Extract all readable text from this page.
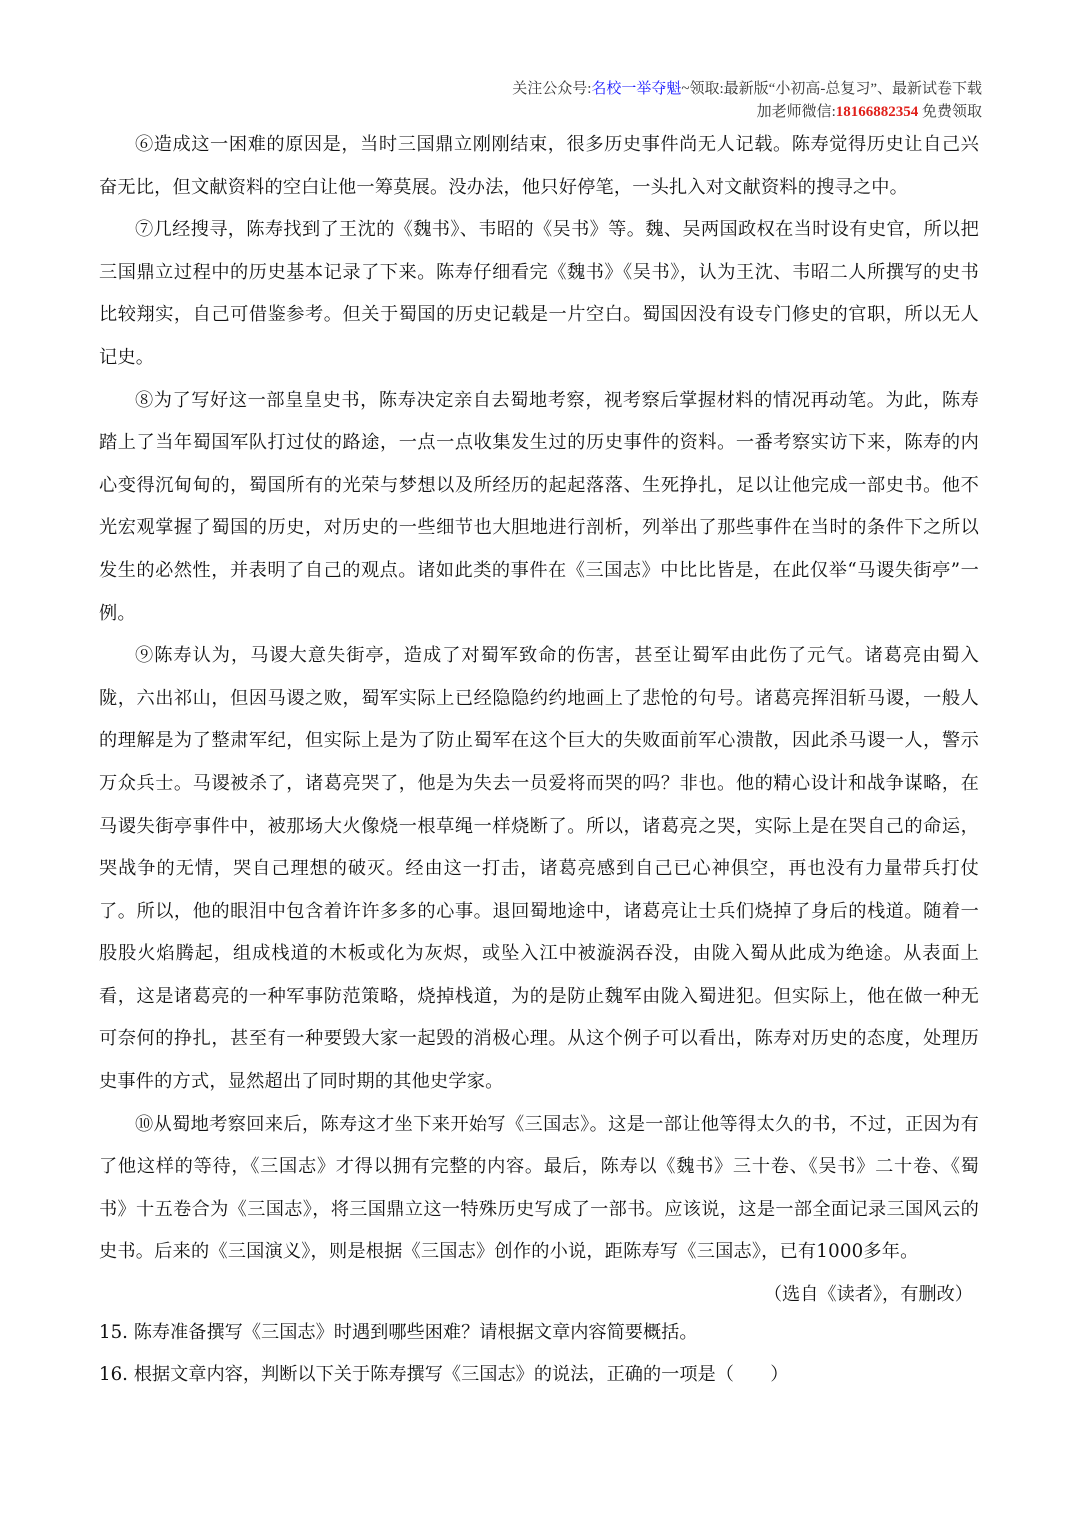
关注公众号:名校一举夺魁~领取:最新版“小初高-总复习”、最新试卷下载
加老师微信:18166882354 免费领取

⑥造成这一困难的原因是，当时三国鼎立刚刚结束，很多历史事件尚无人记载。陈寿觉得历史让自己兴奋无比，但文献资料的空白让他一筹莫展。没办法，他只好停笔，一头扎入对文献资料的搜寻之中。

⑦几经搜寻，陈寿找到了王沈的《魏书》、韦昭的《吴书》等。魏、吴两国政权在当时设有史官，所以把三国鼎立过程中的历史基本记录了下来。陈寿仔细看完《魏书》《吴书》，认为王沈、韦昭二人所撰写的史书比较翔实，自己可借鉴参考。但关于蜀国的历史记载是一片空白。蜀国因没有设专门修史的官职，所以无人记史。

⑧为了写好这一部皇皇史书，陈寿决定亲自去蜀地考察，视考察后掌握材料的情况再动笔。为此，陈寿踏上了当年蜀国军队打过仗的路途，一点一点收集发生过的历史事件的资料。一番考察实访下来，陈寿的内心变得沉甸甸的，蜀国所有的光荣与梦想以及所经历的起起落落、生死挣扎，足以让他完成一部史书。他不光宏观掌握了蜀国的历史，对历史的一些细节也大胆地进行剖析，列举出了那些事件在当时的条件下之所以发生的必然性，并表明了自己的观点。诸如此类的事件在《三国志》中比比皆是，在此仅举“马谡失街亭”一例。

⑨陈寿认为，马谡大意失街亭，造成了对蜀军致命的伤害，甚至让蜀军由此伤了元气。诸葛亮由蜀入陇，六出祁山，但因马谡之败，蜀军实际上已经隐隐约约地画上了悲怆的句号。诸葛亮挥泪斩马谡，一般人的理解是为了整肃军纪，但实际上是为了防止蜀军在这个巨大的失败面前军心溃散，因此杀马谡一人，警示万众兵士。马谡被杀了，诸葛亮哭了，他是为失去一员爱将而哭的吗？非也。他的精心设计和战争谋略，在马谡失街亭事件中，被那场大火像烧一根草绳一样烧断了。所以，诸葛亮之哭，实际上是在哭自己的命运，哭战争的无情，哭自己理想的破灭。经由这一打击，诸葛亮感到自己已心神俱空，再也没有力量带兵打仗了。所以，他的眼泪中包含着许许多多的心事。退回蜀地途中，诸葛亮让士兵们烧掉了身后的栈道。随着一股股火焰腾起，组成栈道的木板或化为灰烬，或坠入江中被漩涡吞没，由陇入蜀从此成为绝途。从表面上看，这是诸葛亮的一种军事防范策略，烧掉栈道，为的是防止魏军由陇入蜀进犯。但实际上，他在做一种无可奈何的挣扎，甚至有一种要毁大家一起毁的消极心理。从这个例子可以看出，陈寿对历史的态度，处理历史事件的方式，显然超出了同时期的其他史学家。

⑩从蜀地考察回来后，陈寿这才坐下来开始写《三国志》。这是一部让他等得太久的书，不过，正因为有了他这样的等待，《三国志》才得以拥有完整的内容。最后，陈寿以《魏书》三十卷、《吴书》二十卷、《蜀书》十五卷合为《三国志》，将三国鼎立这一特殊历史写成了一部书。应该说，这是一部全面记录三国风云的史书。后来的《三国演义》，则是根据《三国志》创作的小说，距陈寿写《三国志》，已有1000多年。

（选自《读者》，有删改）

15. 陈寿准备撰写《三国志》时遇到哪些困难？请根据文章内容简要概括。

16. 根据文章内容，判断以下关于陈寿撰写《三国志》的说法，正确的一项是（　　）
